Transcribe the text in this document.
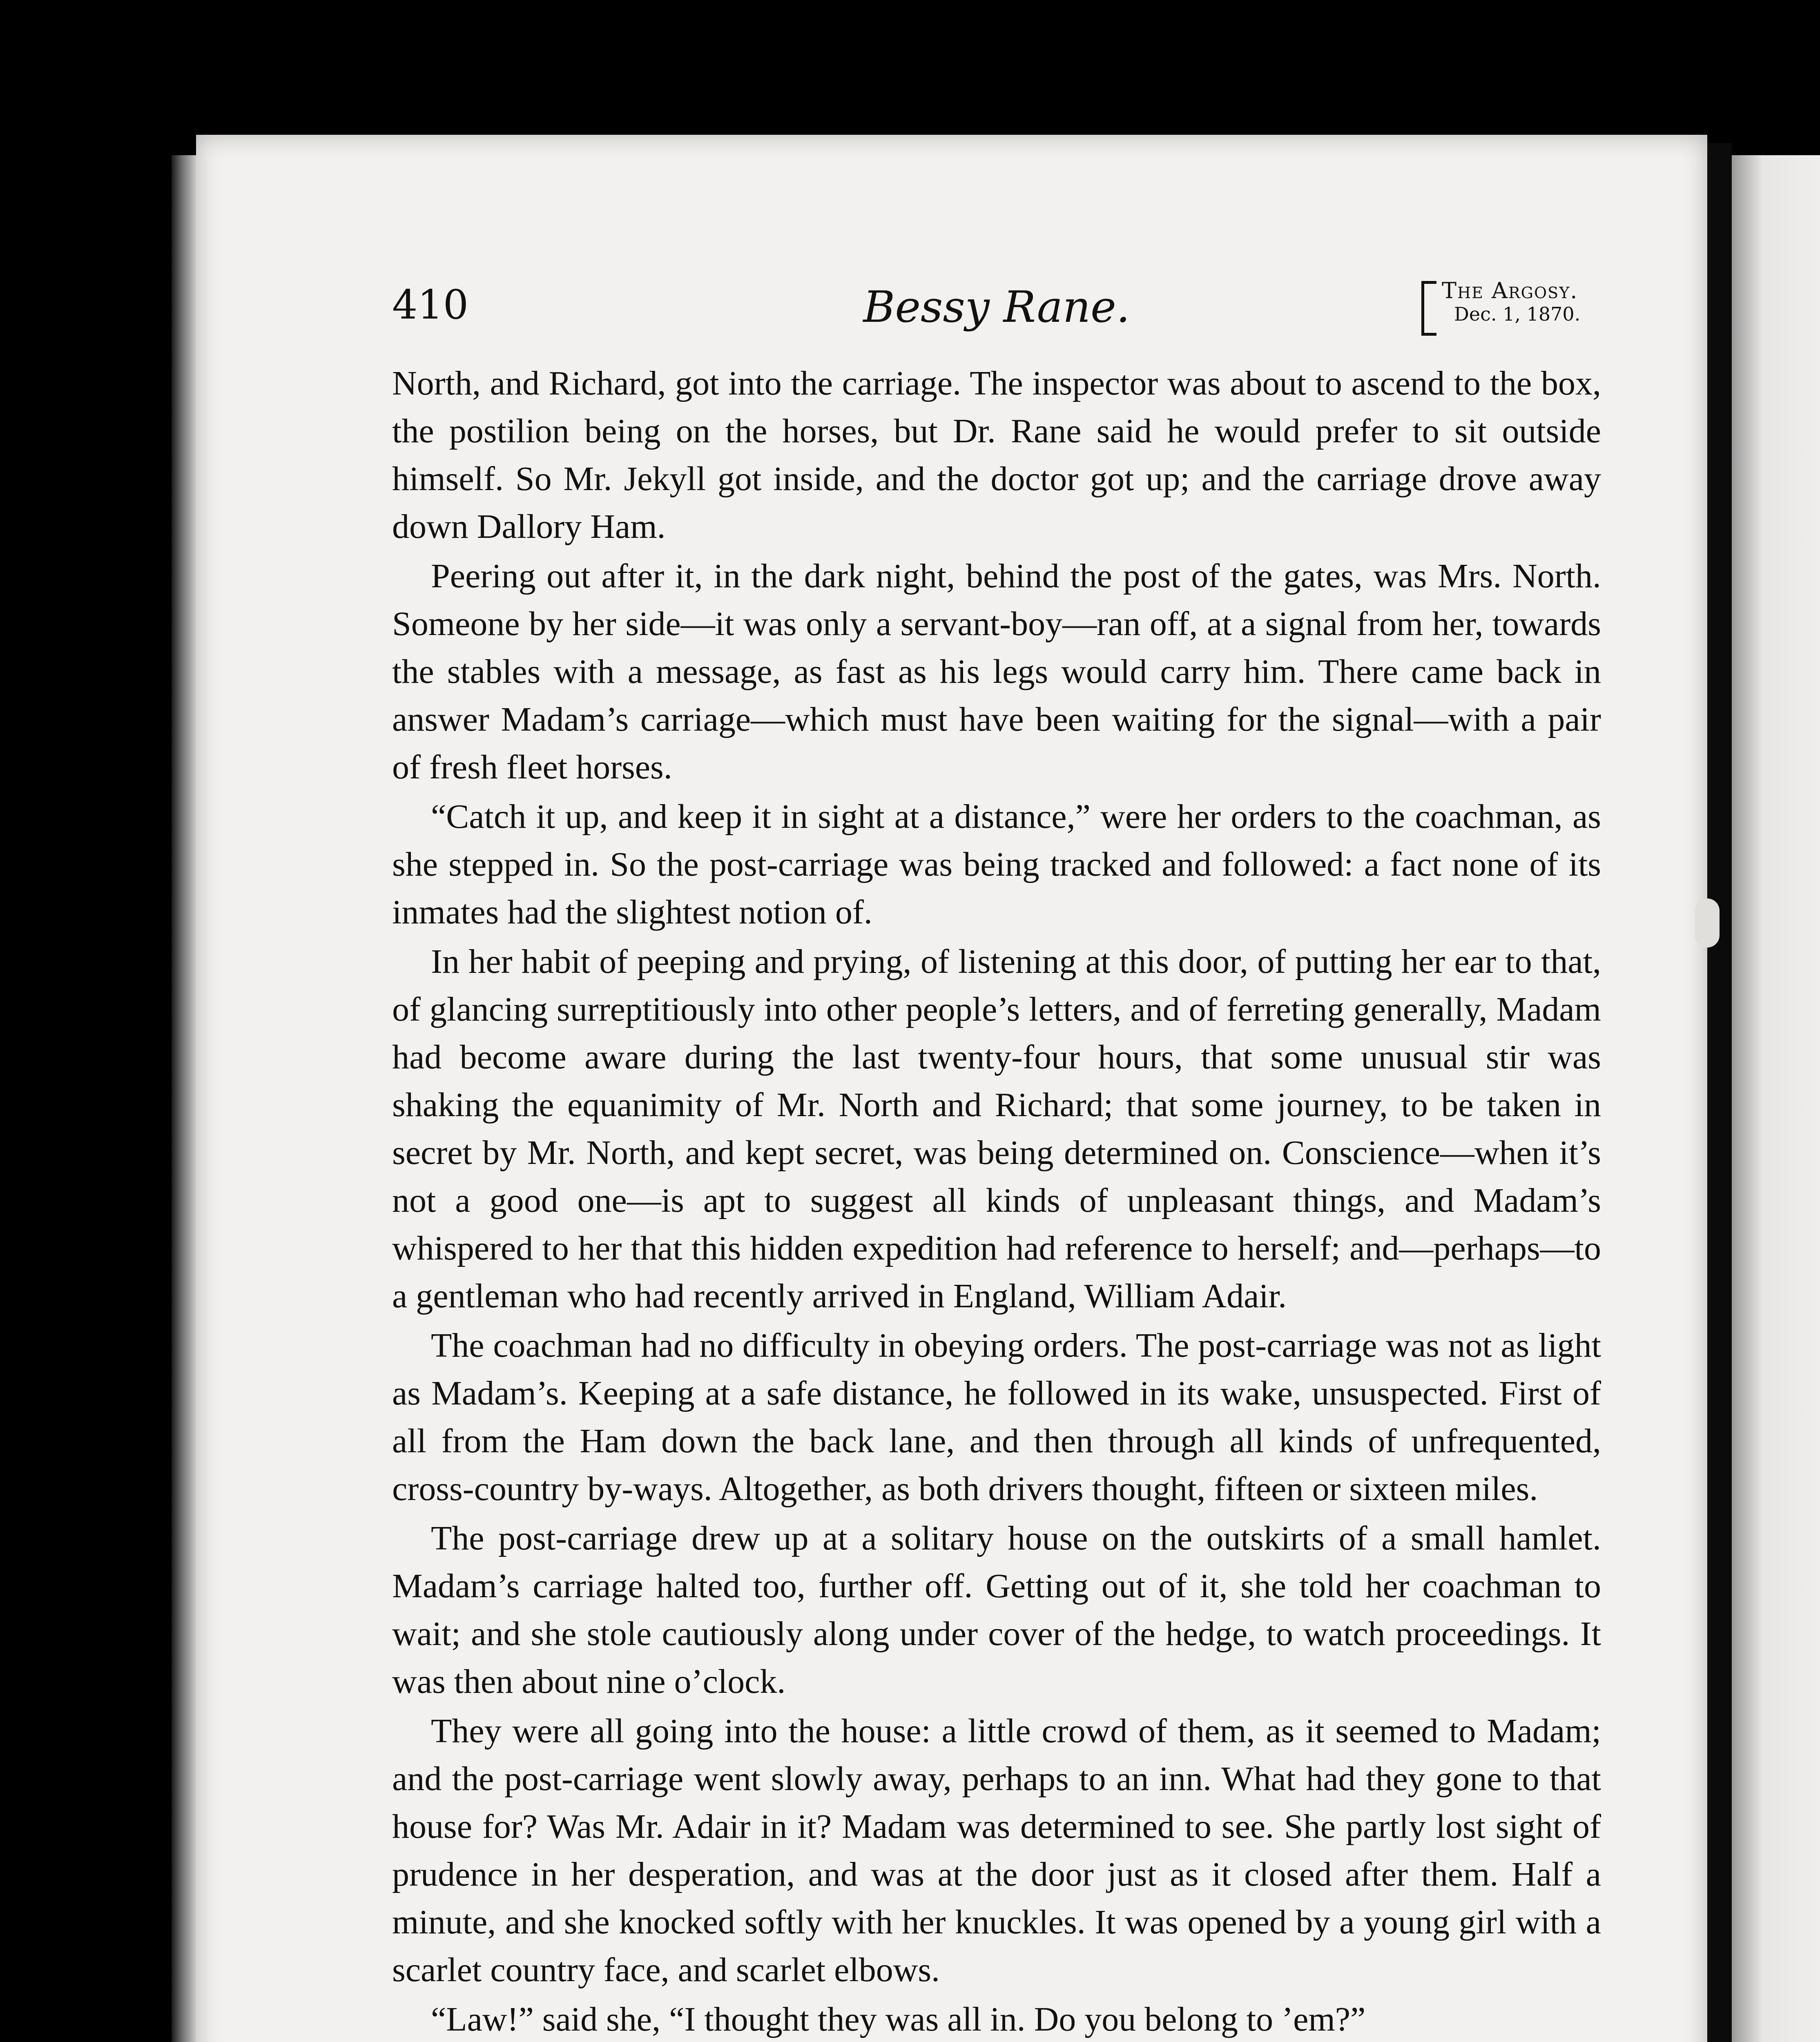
410	Bessy Rane.	The Argosy.
Dec. 1, 1870.

North, and Richard, got into the carriage. The inspector was about to ascend to the box, the postilion being on the horses, but Dr. Rane said he would prefer to sit outside himself. So Mr. Jekyll got inside, and the doctor got up; and the carriage drove away down Dallory Ham.

Peering out after it, in the dark night, behind the post of the gates, was Mrs. North. Someone by her side—it was only a servant-boy—ran off, at a signal from her, towards the stables with a message, as fast as his legs would carry him. There came back in answer Madam’s carriage—which must have been waiting for the signal—with a pair of fresh fleet horses.

“Catch it up, and keep it in sight at a distance,” were her orders to the coachman, as she stepped in. So the post-carriage was being tracked and followed: a fact none of its inmates had the slightest notion of.

In her habit of peeping and prying, of listening at this door, of putting her ear to that, of glancing surreptitiously into other people’s letters, and of ferreting generally, Madam had become aware during the last twenty-four hours, that some unusual stir was shaking the equanimity of Mr. North and Richard; that some journey, to be taken in secret by Mr. North, and kept secret, was being determined on. Conscience—when it’s not a good one—is apt to suggest all kinds of unpleasant things, and Madam’s whispered to her that this hidden expedition had reference to herself; and—perhaps—to a gentleman who had recently arrived in England, William Adair.

The coachman had no difficulty in obeying orders. The post-carriage was not as light as Madam’s. Keeping at a safe distance, he followed in its wake, unsuspected. First of all from the Ham down the back lane, and then through all kinds of unfrequented, cross-country by-ways. Altogether, as both drivers thought, fifteen or sixteen miles.

The post-carriage drew up at a solitary house on the outskirts of a small hamlet. Madam’s carriage halted too, further off. Getting out of it, she told her coachman to wait; and she stole cautiously along under cover of the hedge, to watch proceedings. It was then about nine o’clock.

They were all going into the house: a little crowd of them, as it seemed to Madam; and the post-carriage went slowly away, perhaps to an inn. What had they gone to that house for? Was Mr. Adair in it? Madam was determined to see. She partly lost sight of prudence in her desperation, and was at the door just as it closed after them. Half a minute, and she knocked softly with her knuckles. It was opened by a young girl with a scarlet country face, and scarlet elbows.

“Law!” said she, “I thought they was all in. Do you belong to ’em?”
